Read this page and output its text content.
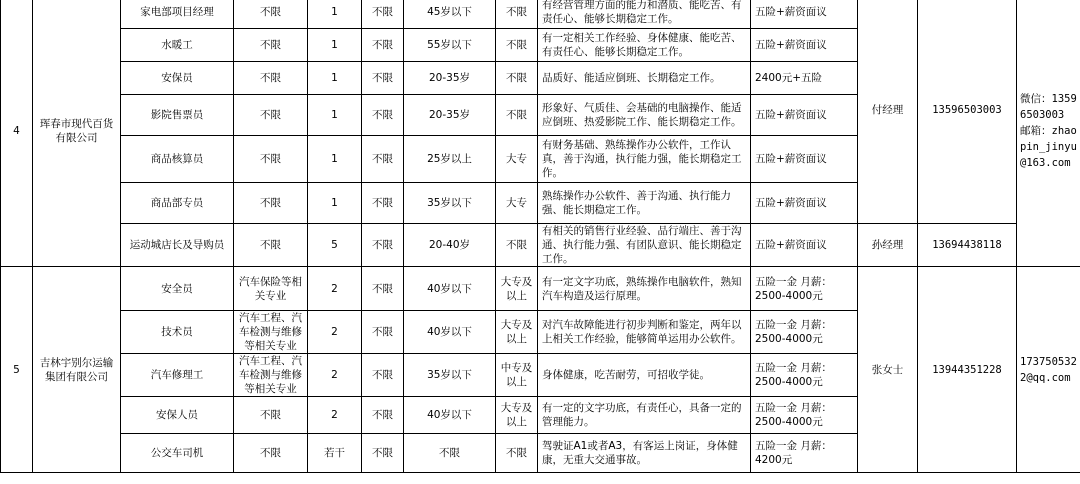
4	珲春市现代百货有限公司	家电部项目经理	不限	1	不限	45岁以下	不限	有经营管理方面的能力和潜质、能吃苦、有责任心、能够长期稳定工作。	五险+薪资面议	付经理	13596503003	微信：13596503003 邮箱：zhaopin_jinyu@163.com
		水暖工	不限	1	不限	55岁以下	不限	有一定相关工作经验、身体健康、能吃苦、有责任心、能够长期稳定工作。	五险+薪资面议			
		安保员	不限	1	不限	20-35岁	不限	品质好、能适应倒班、长期稳定工作。	2400元+五险			
		影院售票员	不限	1	不限	20-35岁	不限	形象好、气质佳、会基础的电脑操作、能适应倒班、热爱影院工作、能长期稳定工作。	五险+薪资面议			
		商品核算员	不限	1	不限	25岁以上	大专	有财务基础、熟练操作办公软件，工作认真，善于沟通，执行能力强，能长期稳定工作。	五险+薪资面议			
		商品部专员	不限	1	不限	35岁以下	大专	熟练操作办公软件、善于沟通、执行能力强、能长期稳定工作。	五险+薪资面议			
		运动城店长及导购员	不限	5	不限	20-40岁	不限	有相关的销售行业经验、品行端庄、善于沟通、执行能力强、有团队意识、能长期稳定工作。	五险+薪资面议	孙经理	13694438118	
5	吉林宇别尔运输集团有限公司	安全员	汽车保险等相关专业	2	不限	40岁以下	大专及以上	有一定文字功底，熟练操作电脑软件，熟知汽车构造及运行原理。	五险一金 月薪：2500-4000元	张女士	13944351228	1737505322@qq.com
		技术员	汽车工程、汽车检测与维修等相关专业	2	不限	40岁以下	大专及以上	对汽车故障能进行初步判断和鉴定，两年以上相关工作经验，能够简单运用办公软件。	五险一金 月薪：2500-4000元			
		汽车修理工	汽车工程、汽车检测与维修等相关专业	2	不限	35岁以下	中专及以上	身体健康，吃苦耐劳，可招收学徒。	五险一金 月薪：2500-4000元			
		安保人员	不限	2	不限	40岁以下	大专及以上	有一定的文字功底，有责任心，具备一定的管理能力。	五险一金 月薪：2500-4000元			
		公交车司机	不限	若干	不限	不限	不限	驾驶证A1或者A3，有客运上岗证，身体健康，无重大交通事故。	五险一金 月薪：4200元			
